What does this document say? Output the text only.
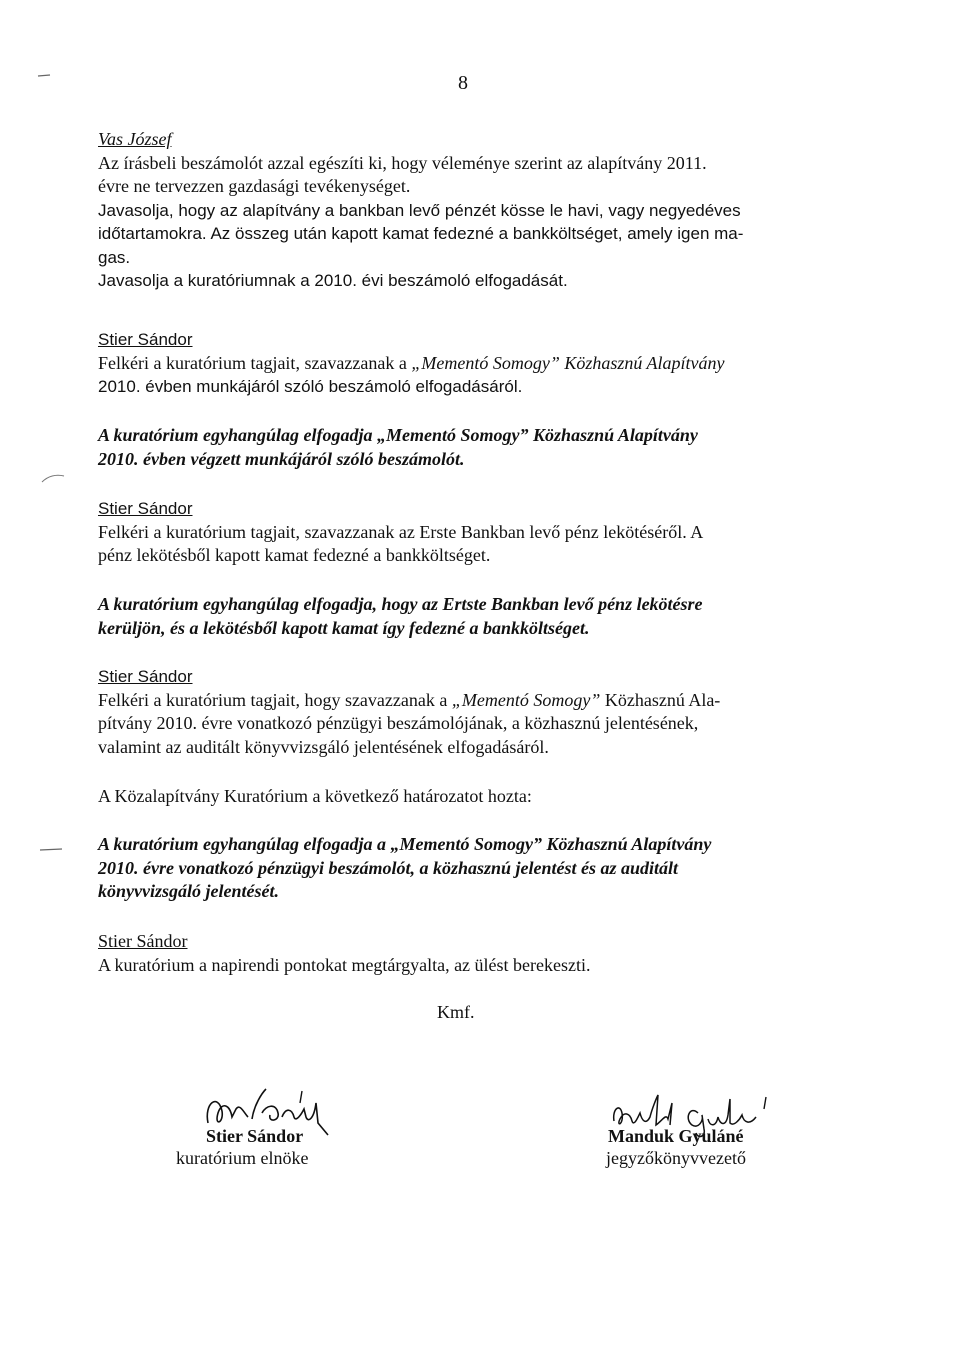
8

Vas József

Az írásbeli beszámolót azzal egészíti ki, hogy véleménye szerint az alapítvány 2011.

évre ne tervezzen gazdasági tevékenységet.

Javasolja, hogy az alapítvány a bankban levő pénzét kösse le havi, vagy negyedéves

időtartamokra. Az összeg után kapott kamat fedezné a bankköltséget, amely igen ma-

gas.

Javasolja a kuratóriumnak a 2010. évi beszámoló elfogadását.

Stier Sándor

Felkéri a kuratórium tagjait, szavazzanak a „Mementó Somogy” Közhasznú Alapítvány

2010. évben munkájáról szóló beszámoló elfogadásáról.

A kuratórium egyhangúlag elfogadja „Mementó Somogy” Közhasznú Alapítvány

2010. évben végzett munkájáról szóló beszámolót.

Stier Sándor

Felkéri a kuratórium tagjait, szavazzanak az Erste Bankban levő pénz lekötéséről. A

pénz lekötésből kapott kamat fedezné a bankköltséget.

A kuratórium egyhangúlag elfogadja, hogy az Ertste Bankban levő pénz lekötésre

kerüljön, és a lekötésből kapott kamat így fedezné a bankköltséget.

Stier Sándor

Felkéri a kuratórium tagjait, hogy szavazzanak a „Mementó Somogy” Közhasznú Ala-

pítvány 2010. évre vonatkozó pénzügyi beszámolójának, a közhasznú jelentésének,

valamint az auditált könyvvizsgáló jelentésének elfogadásáról.

A Közalapítvány Kuratórium a következő határozatot hozta:

A kuratórium egyhangúlag elfogadja a „Mementó Somogy” Közhasznú Alapítvány

2010. évre vonatkozó pénzügyi beszámolót, a közhasznú jelentést és az auditált

könyvvizsgáló jelentését.

Stier Sándor

A kuratórium a napirendi pontokat megtárgyalta, az ülést berekeszti.

Kmf.
Stier Sándor
kuratórium elnöke
Manduk Gyuláné
jegyzőkönyvvezető
